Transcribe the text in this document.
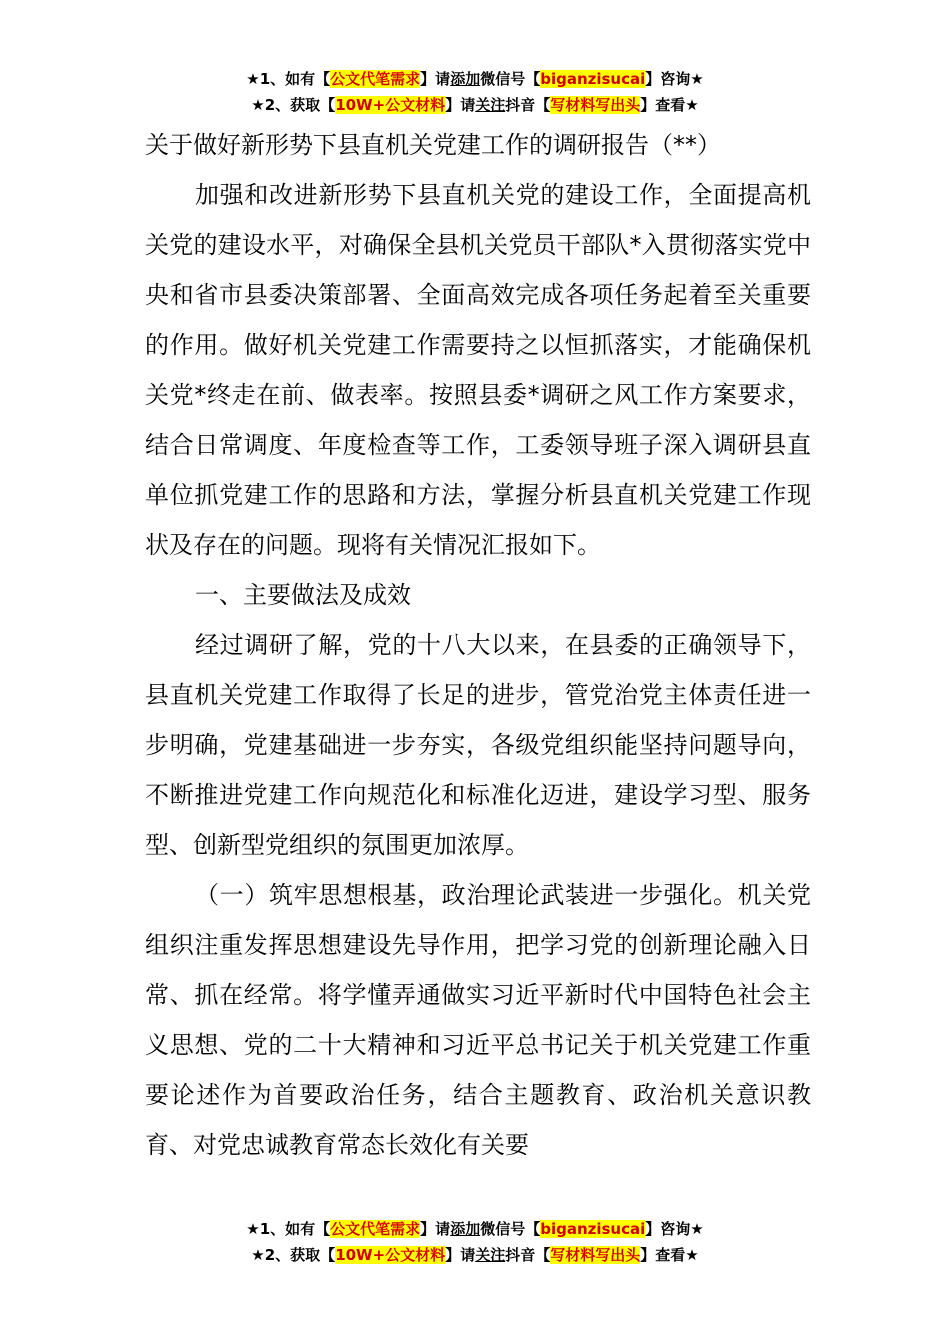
★1、如有【公文代笔需求】请添加微信号【biganzisucai】咨询★
★2、获取【10W+公文材料】请关注抖音【写材料写出头】查看★
关于做好新形势下县直机关党建工作的调研报告（**）

加强和改进新形势下县直机关党的建设工作，全面提高机关党的建设水平，对确保全县机关党员干部队*入贯彻落实党中央和省市县委决策部署、全面高效完成各项任务起着至关重要的作用。做好机关党建工作需要持之以恒抓落实，才能确保机关党*终走在前、做表率。按照县委*调研之风工作方案要求，结合日常调度、年度检查等工作，工委领导班子深入调研县直单位抓党建工作的思路和方法，掌握分析县直机关党建工作现状及存在的问题。现将有关情况汇报如下。

一、主要做法及成效

经过调研了解，党的十八大以来，在县委的正确领导下，县直机关党建工作取得了长足的进步，管党治党主体责任进一步明确，党建基础进一步夯实，各级党组织能坚持问题导向，不断推进党建工作向规范化和标准化迈进，建设学习型、服务型、创新型党组织的氛围更加浓厚。

（一）筑牢思想根基，政治理论武装进一步强化。机关党组织注重发挥思想建设先导作用，把学习党的创新理论融入日常、抓在经常。将学懂弄通做实习近平新时代中国特色社会主义思想、党的二十大精神和习近平总书记关于机关党建工作重要论述作为首要政治任务，结合主题教育、政治机关意识教育、对党忠诚教育常态长效化有关要

★1、如有【公文代笔需求】请添加微信号【biganzisucai】咨询★
★2、获取【10W+公文材料】请关注抖音【写材料写出头】查看★
